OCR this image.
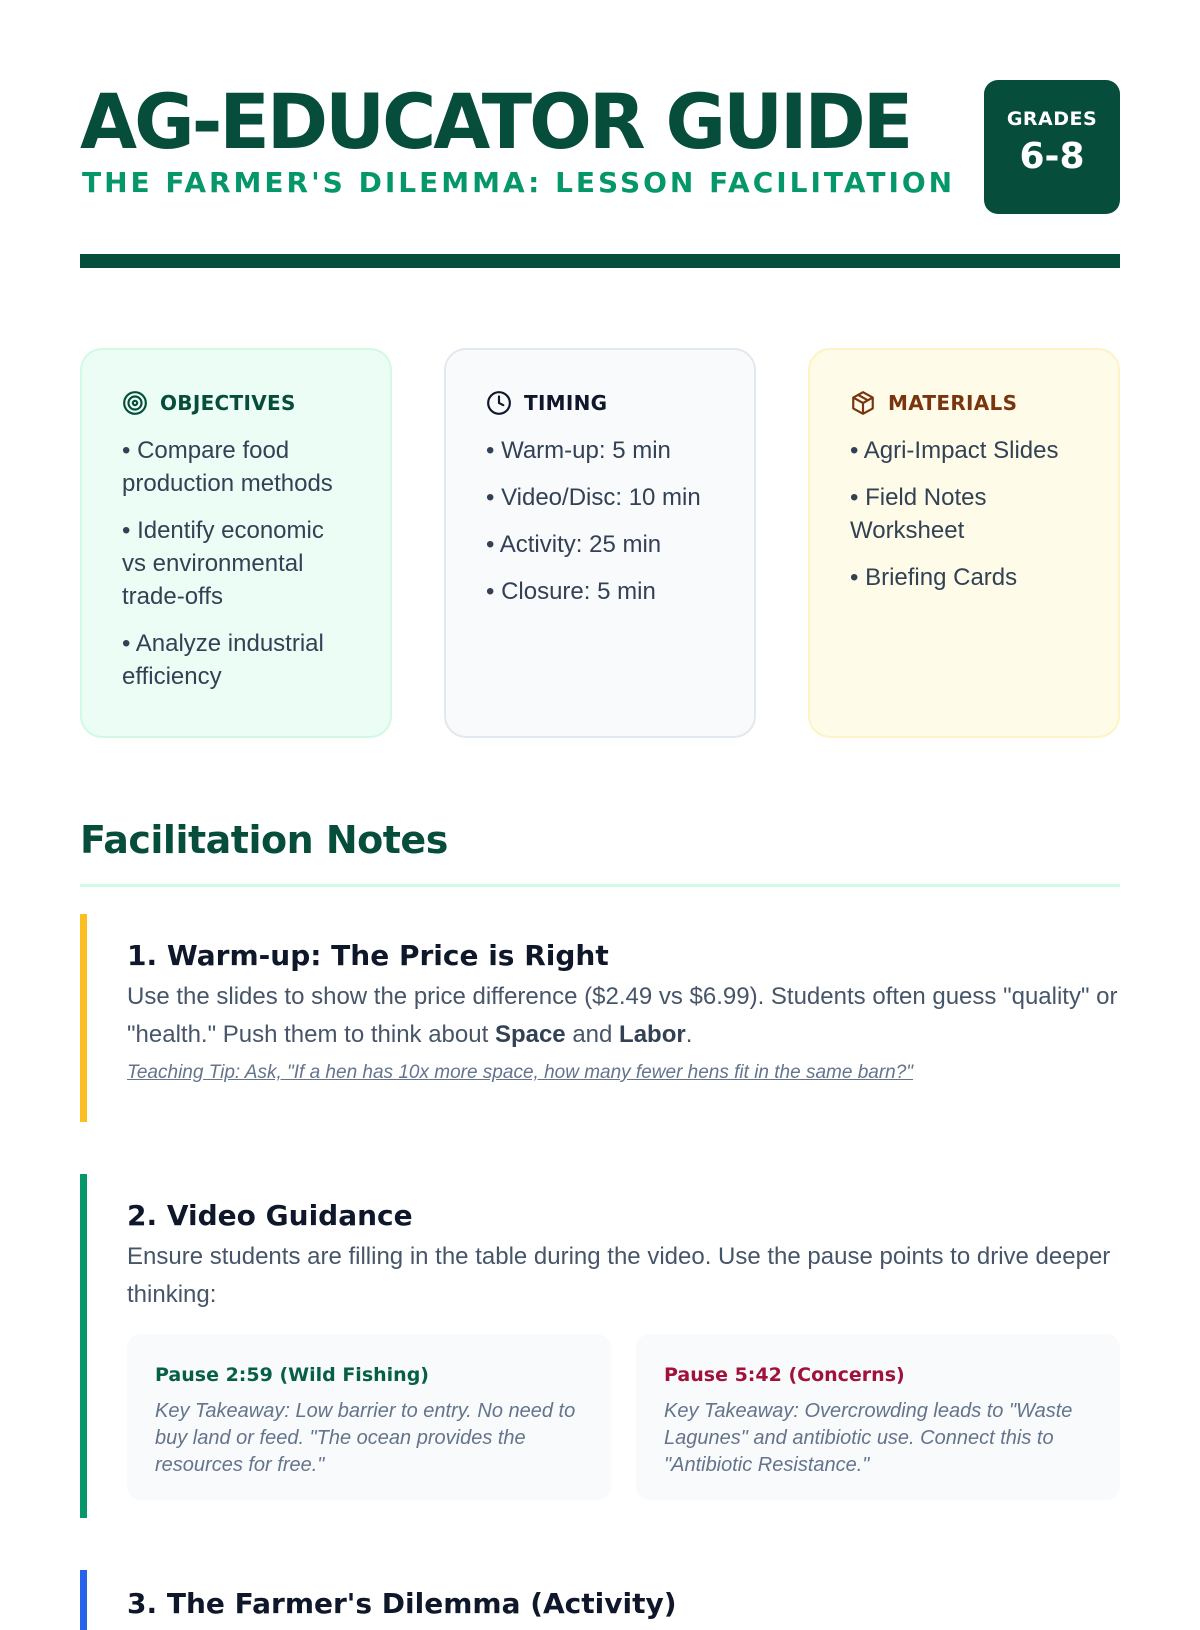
AG-EDUCATOR GUIDE
THE FARMER'S DILEMMA: LESSON FACILITATION
GRADES
6-8
OBJECTIVES
• Compare food production methods
• Identify economic vs environmental trade-offs
• Analyze industrial efficiency
TIMING
• Warm-up: 5 min
• Video/Disc: 10 min
• Activity: 25 min
• Closure: 5 min
MATERIALS
• Agri-Impact Slides
• Field Notes Worksheet
• Briefing Cards
Facilitation Notes
1. Warm-up: The Price is Right

Use the slides to show the price difference ($2.49 vs $6.99). Students often guess "quality" or "health." Push them to think about Space and Labor.

Teaching Tip: Ask, "If a hen has 10x more space, how many fewer hens fit in the same barn?"
2. Video Guidance

Ensure students are filling in the table during the video. Use the pause points to drive deeper thinking:

Pause 2:59 (Wild Fishing)
Key Takeaway: Low barrier to entry. No need to buy land or feed. "The ocean provides the resources for free."
Pause 5:42 (Concerns)
Key Takeaway: Overcrowding leads to "Waste Lagunes" and antibiotic use. Connect this to "Antibiotic Resistance."
3. The Farmer's Dilemma (Activity)
